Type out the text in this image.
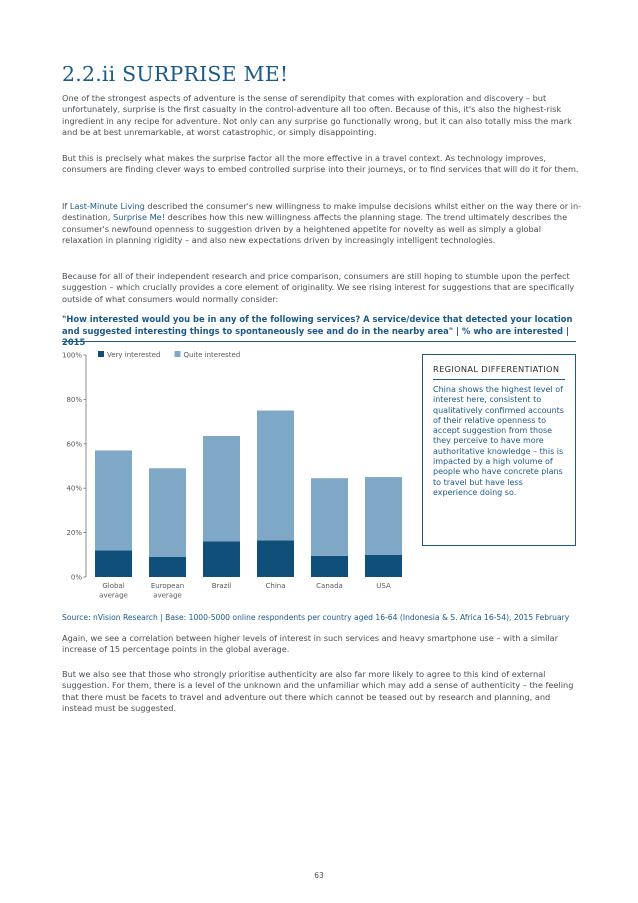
2.2.ii SURPRISE ME!

One of the strongest aspects of adventure is the sense of serendipity that comes with exploration and discovery – but unfortunately, surprise is the first casualty in the control-adventure all too often. Because of this, it's also the highest-risk ingredient in any recipe for adventure. Not only can any surprise go functionally wrong, but it can also totally miss the mark and be at best unremarkable, at worst catastrophic, or simply disappointing.

But this is precisely what makes the surprise factor all the more effective in a travel context. As technology improves, consumers are finding clever ways to embed controlled surprise into their journeys, or to find services that will do it for them.

If Last-Minute Living described the consumer's new willingness to make impulse decisions whilst either on the way there or in-destination, Surprise Me! describes how this new willingness affects the planning stage. The trend ultimately describes the consumer's newfound openness to suggestion driven by a heightened appetite for novelty as well as simply a global relaxation in planning rigidity – and also new expectations driven by increasingly intelligent technologies.

Because for all of their independent research and price comparison, consumers are still hoping to stumble upon the perfect suggestion – which crucially provides a core element of originality. We see rising interest for suggestions that are specifically outside of what consumers would normally consider:

"How interested would you be in any of the following services? A service/device that detected your location and suggested interesting things to spontaneously see and do in the nearby area" | % who are interested | 2015

0%
20%
40%
60%
80%
100%
Global
average
European
average
Brazil	China	Canada	USA
Very interested	Quite interested

REGIONAL DIFFERENTIATION

China shows the highest level of interest here, consistent to qualitatively confirmed accounts of their relative openness to accept suggestion from those they perceive to have more authoritative knowledge – this is impacted by a high volume of people who have concrete plans to travel but have less experience doing so.

Source: nVision Research | Base: 1000-5000 online respondents per country aged 16-64 (Indonesia & S. Africa 16-54), 2015 February

Again, we see a correlation between higher levels of interest in such services and heavy smartphone use – with a similar increase of 15 percentage points in the global average.

But we also see that those who strongly prioritise authenticity are also far more likely to agree to this kind of external suggestion. For them, there is a level of the unknown and the unfamiliar which may add a sense of authenticity – the feeling that there must be facets to travel and adventure out there which cannot be teased out by research and planning, and instead must be suggested.

63
